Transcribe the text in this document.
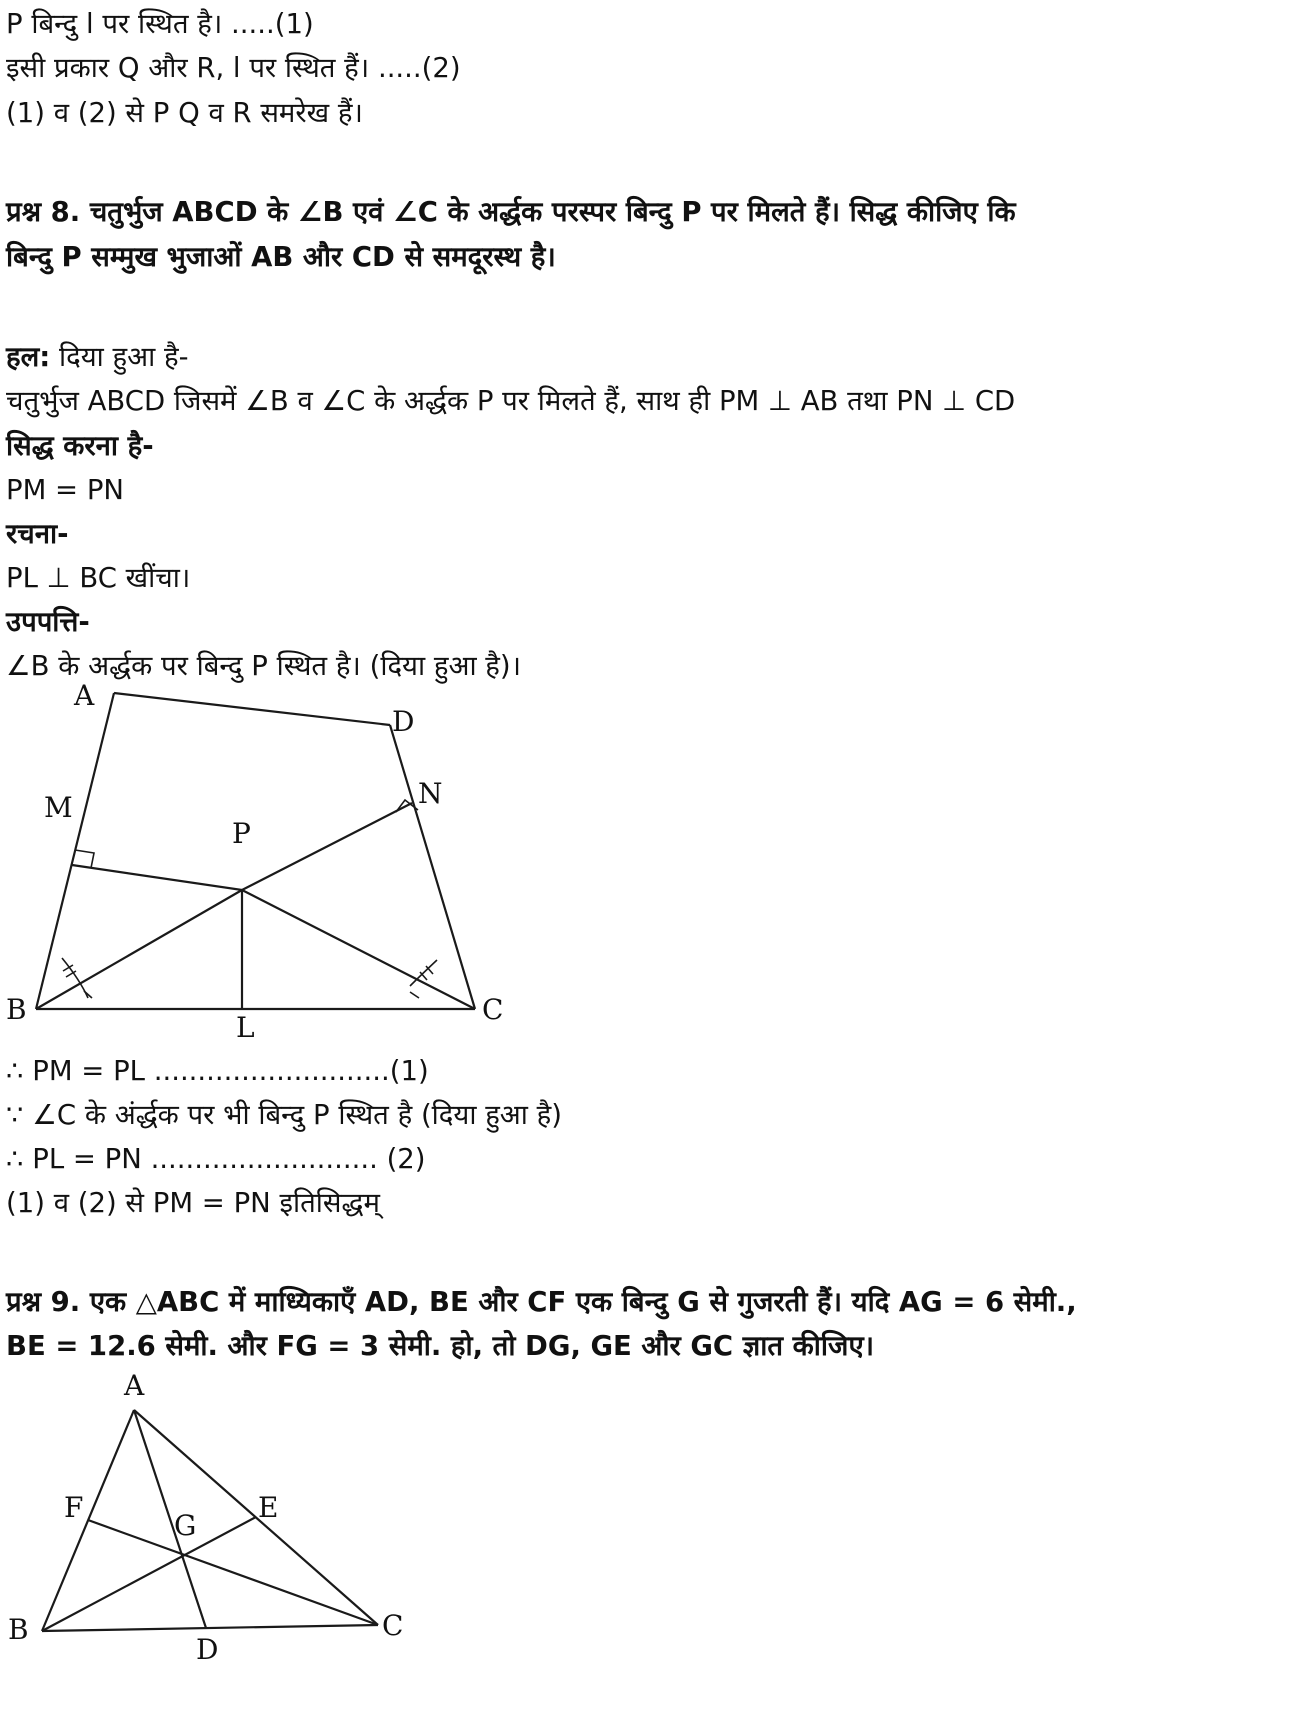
P बिन्दु l पर स्थित है। .....(1)
इसी प्रकार Q और R, l पर स्थित हैं। .....(2)
(1) व (2) से P Q व R समरेख हैं।
प्रश्न 8. चतुर्भुज ABCD के ∠B एवं ∠C के अर्द्धक परस्पर बिन्दु P पर मिलते हैं। सिद्ध कीजिए कि
बिन्दु P सम्मुख भुजाओं AB और CD से समदूरस्थ है।
हल: दिया हुआ है-
चतुर्भुज ABCD जिसमें ∠B व ∠C के अर्द्धक P पर मिलते हैं, साथ ही PM ⊥ AB तथा PN ⊥ CD
सिद्ध करना है-
PM = PN
रचना-
PL ⊥ BC खींचा।
उपपत्ति-
∠B के अर्द्धक पर बिन्दु P स्थित है। (दिया हुआ है)।
A
D
M	N
P
B	C
L
∴ PM = PL ...........................(1)
∵ ∠C के अंर्द्धक पर भी बिन्दु P स्थित है (दिया हुआ है)
∴ PL = PN .......................... (2)
(1) व (2) से PM = PN इतिसिद्धम्
प्रश्न 9. एक △ABC में माध्यिकाएँ AD, BE और CF एक बिन्दु G से गुजरती हैं। यदि AG = 6 सेमी.,
BE = 12.6 सेमी. और FG = 3 सेमी. हो, तो DG, GE और GC ज्ञात कीजिए।
A
F	E
G
B	C
D
